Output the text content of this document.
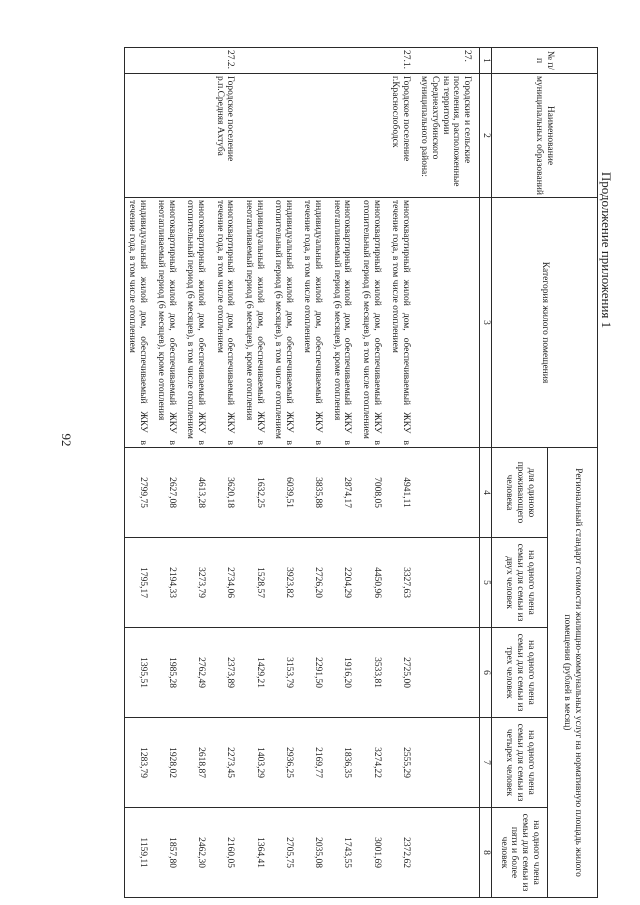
92
Продолжение приложения 1
№ п/п	Наименование муниципальных образований	Категория жилого помещения	Региональный стандарт стоимости жилищно-коммунальных услуг на нормативную площадь жилого помещения (рублей в месяц)				
			для одиноко проживающего человека	на одного члена семьи для семьи из двух человек	на одного члена семьи для семьи из трех человек	на одного члена семьи для семьи из четырех человек	на одного члена семьи для семьи из пяти и более человек
1	2	3	4	5	6	7	8

27.	Городские и сельские поселения, расположенные на территории Среднеахтубинского муниципального района:						

27.1.	Городское поселение г.Краснослободск	многоквартирный жилой дом, обеспечиваемый ЖКУ в течение года, в том числе отоплением	4941,11	3327,63	2725,00	2555,29	2372,62

		многоквартирный жилой дом, обеспечиваемый ЖКУ в отопительный период (6 месяцев), в том числе отоплением	7008,05	4450,96	3533,81	3274,22	3001,69

		многоквартирный жилой дом, обеспечиваемый ЖКУ в неотапливаемый период (6 месяцев), кроме отопления	2874,17	2204,29	1916,20	1836,35	1743,55

		индивидуальный жилой дом, обеспечиваемый ЖКУ в течение года, в том числе отоплением	3835,88	2726,20	2291,50	2169,77	2035,08

		индивидуальный жилой дом, обеспечиваемый ЖКУ в отопительный период (6 месяцев), в том числе отоплением	6039,51	3923,82	3153,79	2936,25	2705,75

		индивидуальный жилой дом, обеспечиваемый ЖКУ в неотапливаемый период (6 месяцев), кроме отопления	1632,25	1528,57	1429,21	1403,29	1364,41

27.2.	Городское поселение р.п.Средняя Ахтуба	многоквартирный жилой дом, обеспечиваемый ЖКУ в течение года, в том числе отоплением	3620,18	2734,06	2373,89	2273,45	2160,05

		многоквартирный жилой дом, обеспечиваемый ЖКУ в отопительный период (6 месяцев), в том числе отоплением	4613,28	3273,79	2762,49	2618,87	2462,30

		многоквартирный жилой дом, обеспечиваемый ЖКУ в неотапливаемый период (6 месяцев), кроме отопления	2627,08	2194,33	1985,28	1928,02	1857,80

		индивидуальный жилой дом, обеспечиваемый ЖКУ в течение года, в том числе отоплением	2799,75	1795,17	1395,51	1283,79	1159,11
